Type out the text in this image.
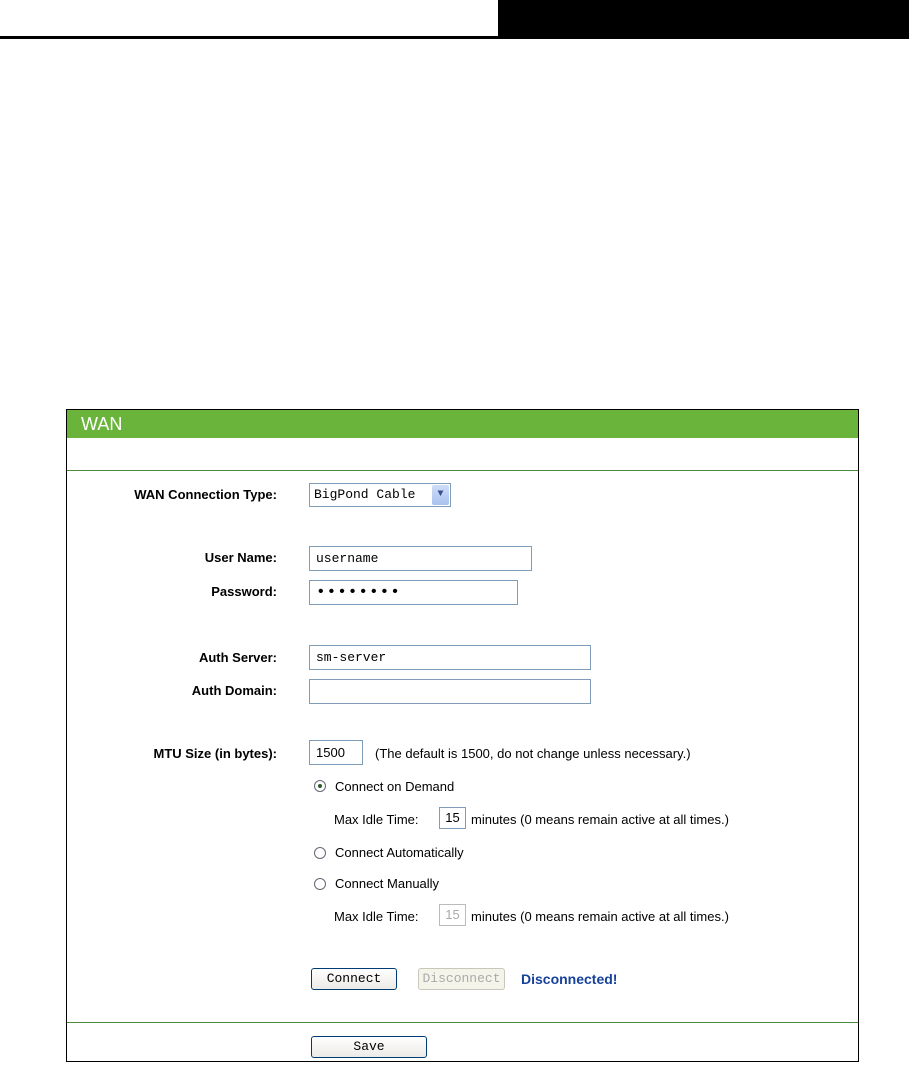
WAN
WAN Connection Type:	BigPond Cable	▼
User Name:	username
Password:	••••••••
Auth Server:	sm-server
Auth Domain:
MTU Size (in bytes):	1500	(The default is 1500, do not change unless necessary.)
Connect on Demand
Max Idle Time:	15 minutes (0 means remain active at all times.)
Connect Automatically
Connect Manually
Max Idle Time:	15 minutes (0 means remain active at all times.)
Connect	Disconnect	Disconnected!
Save
